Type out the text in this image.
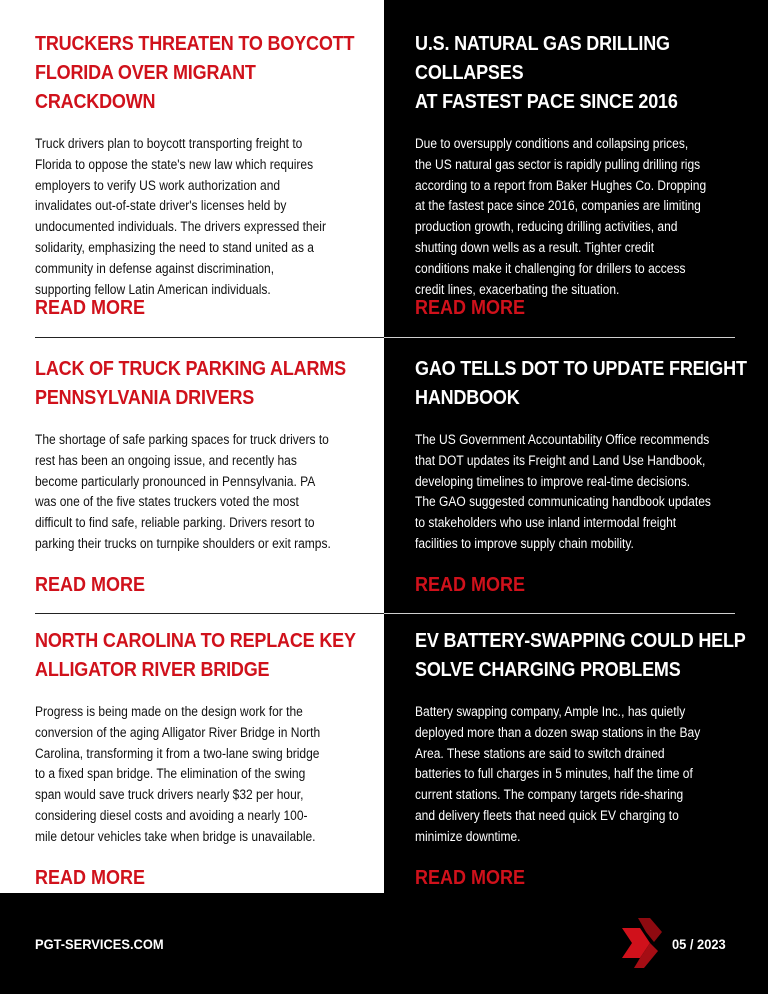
TRUCKERS THREATEN TO BOYCOTT
FLORIDA OVER MIGRANT CRACKDOWN
Truck drivers plan to boycott transporting freight to
Florida to oppose the state's new law which requires
employers to verify US work authorization and
invalidates out-of-state driver's licenses held by
undocumented individuals. The drivers expressed their
solidarity, emphasizing the need to stand united as a
community in defense against discrimination,
supporting fellow Latin American individuals.
READ MORE
U.S. NATURAL GAS DRILLING COLLAPSES
AT FASTEST PACE SINCE 2016
Due to oversupply conditions and collapsing prices,
the US natural gas sector is rapidly pulling drilling rigs
according to a report from Baker Hughes Co. Dropping
at the fastest pace since 2016, companies are limiting
production growth, reducing drilling activities, and
shutting down wells as a result. Tighter credit
conditions make it challenging for drillers to access
credit lines, exacerbating the situation.
READ MORE
LACK OF TRUCK PARKING ALARMS
PENNSYLVANIA DRIVERS
The shortage of safe parking spaces for truck drivers to
rest has been an ongoing issue, and recently has
become particularly pronounced in Pennsylvania. PA
was one of the five states truckers voted the most
difficult to find safe, reliable parking. Drivers resort to
parking their trucks on turnpike shoulders or exit ramps.
READ MORE
GAO TELLS DOT TO UPDATE FREIGHT
HANDBOOK
The US Government Accountability Office recommends
that DOT updates its Freight and Land Use Handbook,
developing timelines to improve real-time decisions.
The GAO suggested communicating handbook updates
to stakeholders who use inland intermodal freight
facilities to improve supply chain mobility.
READ MORE
NORTH CAROLINA TO REPLACE KEY
ALLIGATOR RIVER BRIDGE
Progress is being made on the design work for the
conversion of the aging Alligator River Bridge in North
Carolina, transforming it from a two-lane swing bridge
to a fixed span bridge. The elimination of the swing
span would save truck drivers nearly $32 per hour,
considering diesel costs and avoiding a nearly 100-
mile detour vehicles take when bridge is unavailable.
READ MORE
EV BATTERY-SWAPPING COULD HELP
SOLVE CHARGING PROBLEMS
Battery swapping company, Ample Inc., has quietly
deployed more than a dozen swap stations in the Bay
Area. These stations are said to switch drained
batteries to full charges in 5 minutes, half the time of
current stations. The company targets ride-sharing
and delivery fleets that need quick EV charging to
minimize downtime.
READ MORE
PGT-SERVICES.COM	05 / 2023
